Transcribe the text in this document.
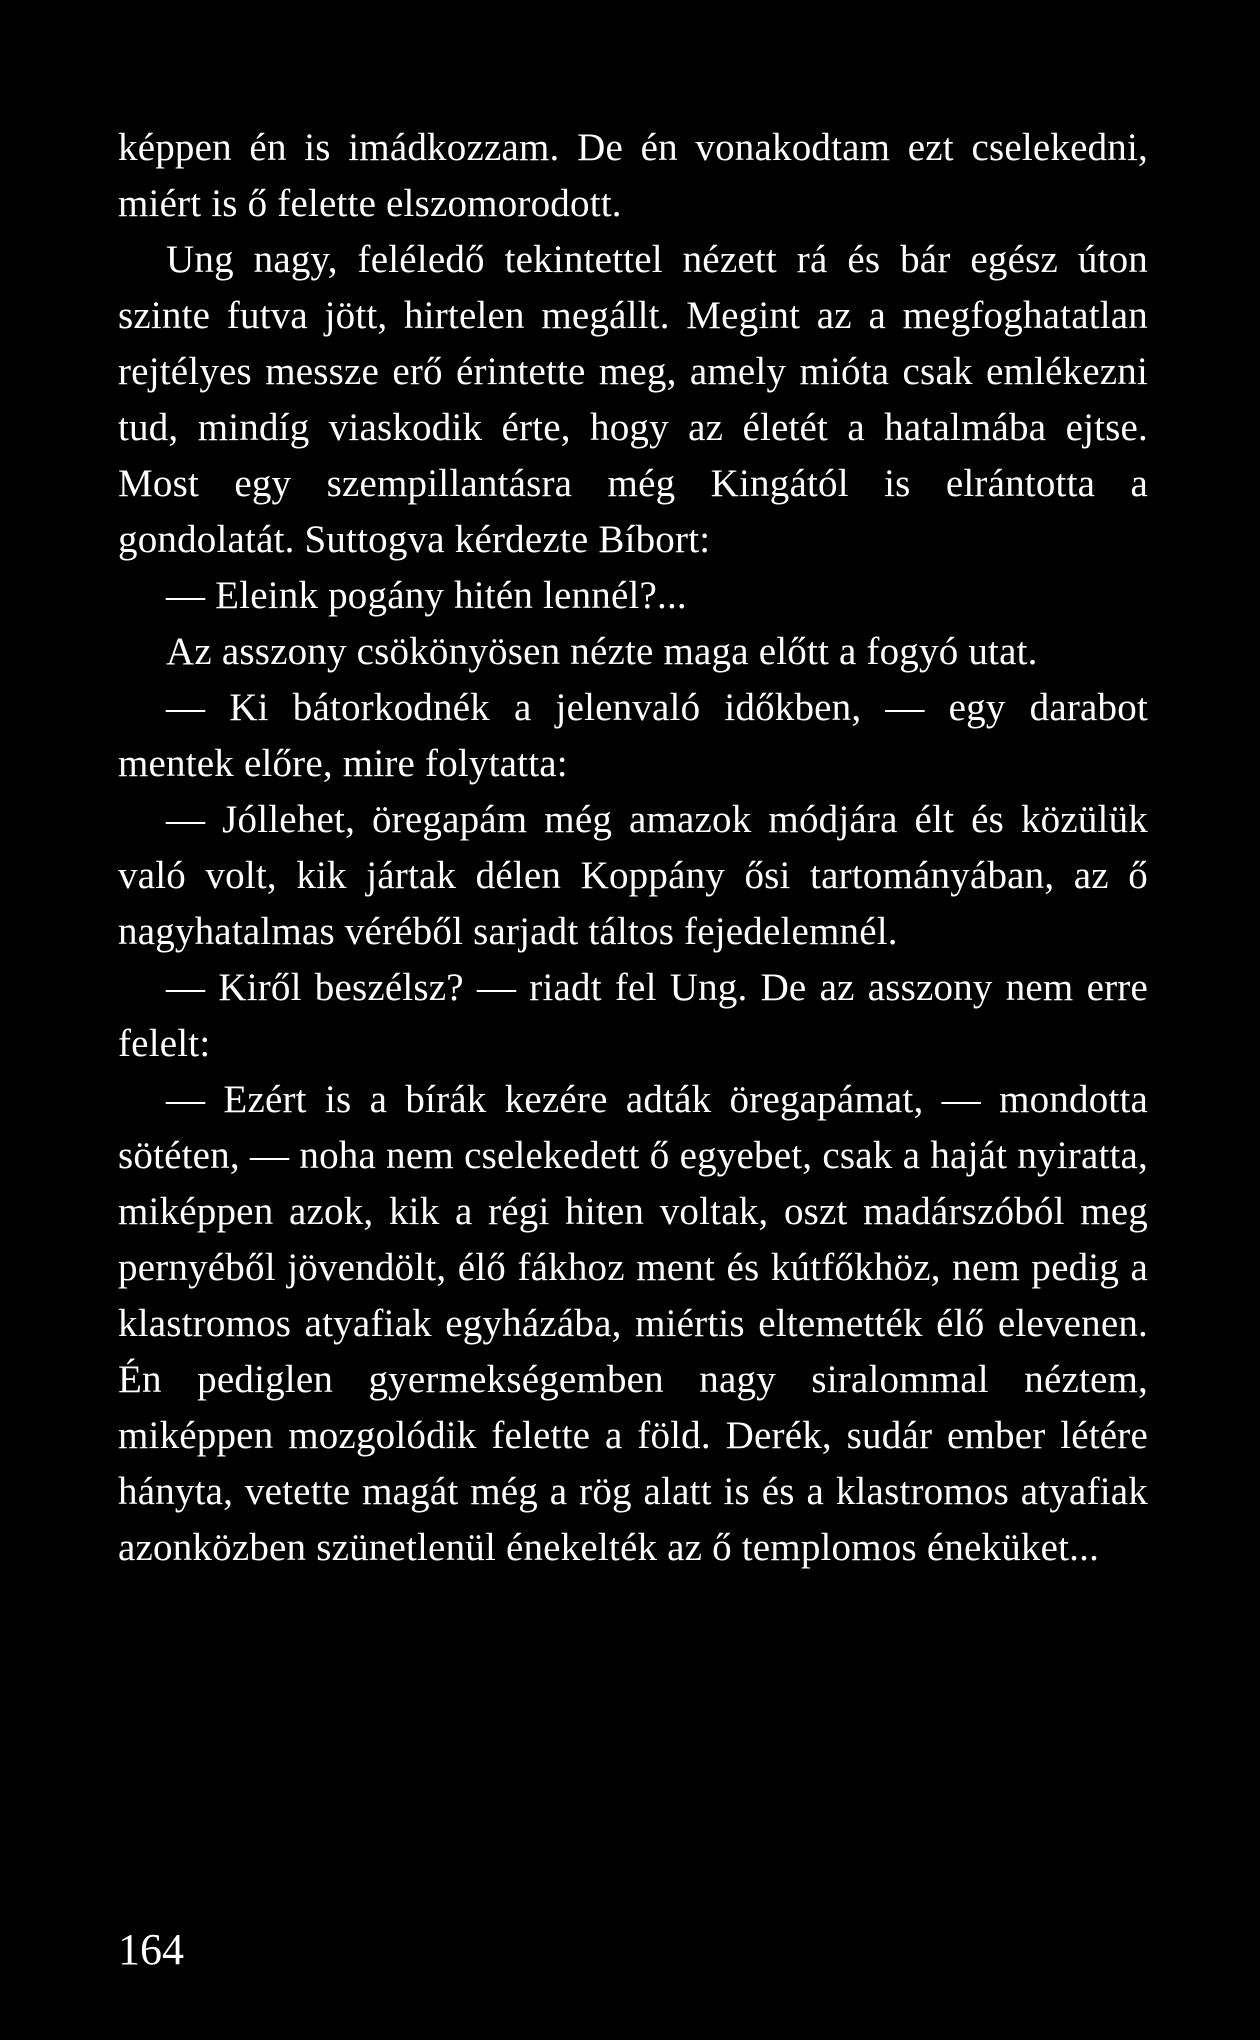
képpen én is imádkozzam. De én vonakodtam ezt cselekedni, miért is ő felette elszomorodott.

Ung nagy, feléledő tekintettel nézett rá és bár egész úton szinte futva jött, hirtelen megállt. Megint az a megfoghatatlan rejtélyes messze erő érintette meg, amely mióta csak emlékezni tud, mindíg viaskodik érte, hogy az életét a hatalmába ejtse. Most egy szempillantásra még Kingától is elrántotta a gondolatát. Suttogva kérdezte Bíbort:

— Eleink pogány hitén lennél?...

Az asszony csökönyösen nézte maga előtt a fogyó utat.

— Ki bátorkodnék a jelenvaló időkben, — egy darabot mentek előre, mire folytatta:

— Jóllehet, öregapám még amazok módjára élt és közülük való volt, kik jártak délen Koppány ősi tartományában, az ő nagyhatalmas véréből sarjadt táltos fejedelemnél.

— Kiről beszélsz? — riadt fel Ung. De az asszony nem erre felelt:

— Ezért is a bírák kezére adták öregapámat, — mondotta sötéten, — noha nem cselekedett ő egyebet, csak a haját nyiratta, miképpen azok, kik a régi hiten voltak, oszt madárszóból meg pernyéből jövendölt, élő fákhoz ment és kútfőkhöz, nem pedig a klastromos atyafiak egyházába, miértis eltemették élő elevenen. Én pediglen gyermekségemben nagy siralommal néztem, miképpen mozgolódik felette a föld. Derék, sudár ember létére hányta, vetette magát még a rög alatt is és a klastromos atyafiak azonközben szünetlenül énekelték az ő templomos éneküket...

164
